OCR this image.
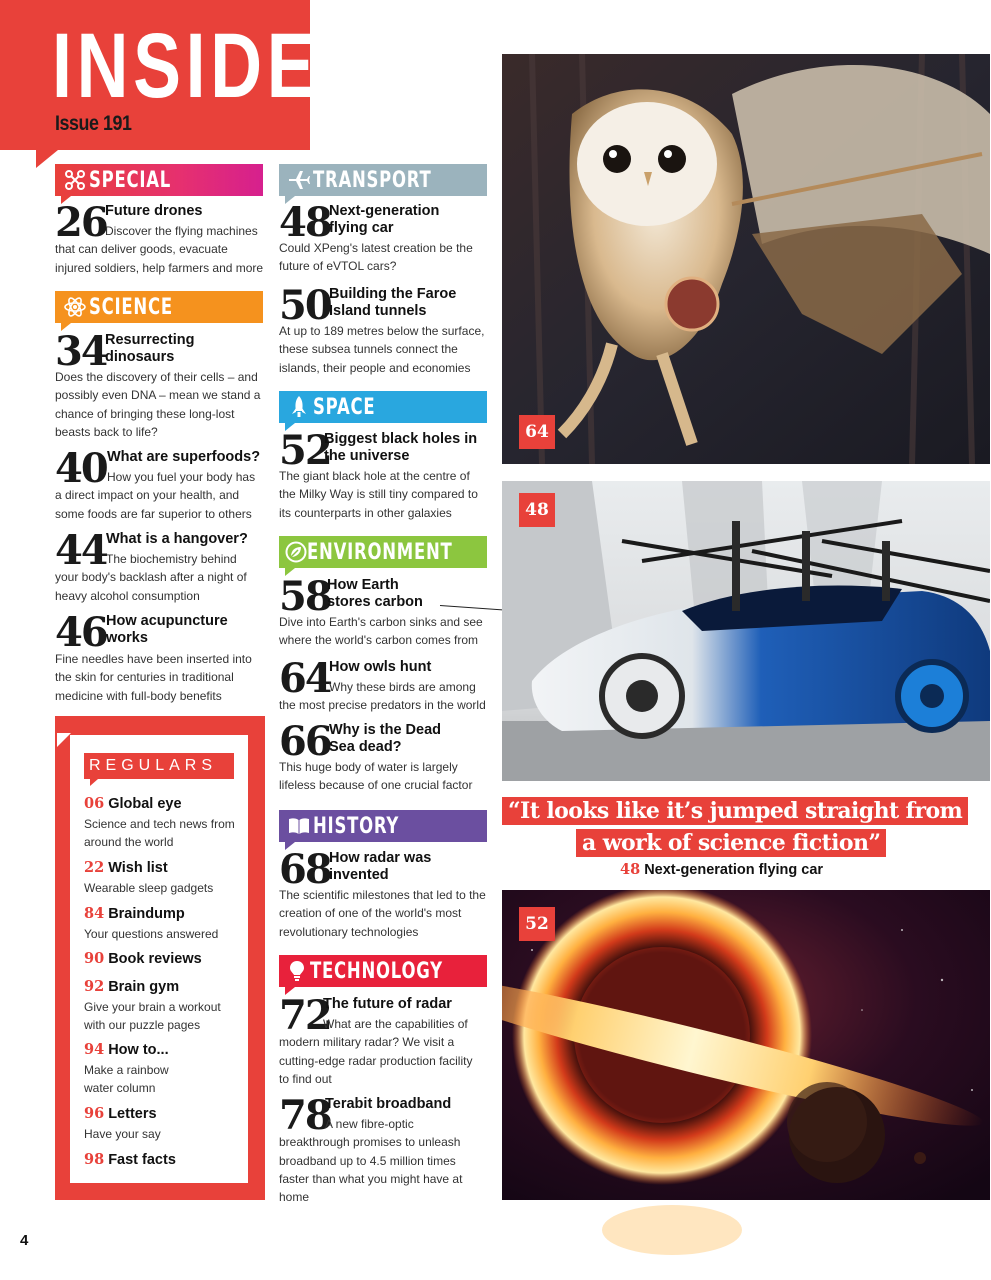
INSIDE
Issue 191
SPECIAL
26
Future drones
Discover the flying machines that can deliver goods, evacuate injured soldiers, help farmers and more
SCIENCE
34
Resurrecting dinosaurs
Does the discovery of their cells – and possibly even DNA – mean we stand a chance of bringing these long-lost beasts back to life?
40 What are superfoods?
How you fuel your body has a direct impact on your health, and some foods are far superior to others
44 What is a hangover?
The biochemistry behind your body's backlash after a night of heavy alcohol consumption
46 How acupuncture works
Fine needles have been inserted into the skin for centuries in traditional medicine with full-body benefits
REGULARS
06 Global eye
Science and tech news from around the world
22 Wish list
Wearable sleep gadgets
84 Braindump
Your questions answered
90 Book reviews
92 Brain gym
Give your brain a workout with our puzzle pages
94 How to...
Make a rainbow water column
96 Letters
Have your say
98 Fast facts
TRANSPORT
48
Next-generation flying car
Could XPeng's latest creation be the future of eVTOL cars?
50
Building the Faroe Island tunnels
At up to 189 metres below the surface, these subsea tunnels connect the islands, their people and economies
SPACE
52
Biggest black holes in the universe
The giant black hole at the centre of the Milky Way is still tiny compared to its counterparts in other galaxies
ENVIRONMENT
58
How Earth stores carbon
Dive into Earth's carbon sinks and see where the world's carbon comes from
64
How owls hunt
Why these birds are among the most precise predators in the world
66
Why is the Dead Sea dead?
This huge body of water is largely lifeless because of one crucial factor
HISTORY
68
How radar was invented
The scientific milestones that led to the creation of one of the world's most revolutionary technologies
TECHNOLOGY
72
The future of radar
What are the capabilities of modern military radar? We visit a cutting-edge radar production facility to find out
78
Terabit broadband
A new fibre-optic breakthrough promises to unleash broadband up to 4.5 million times faster than what you might have at home
64
48
“It looks like it’s jumped straight from
a work of science fiction”
48 Next-generation flying car
52
4
